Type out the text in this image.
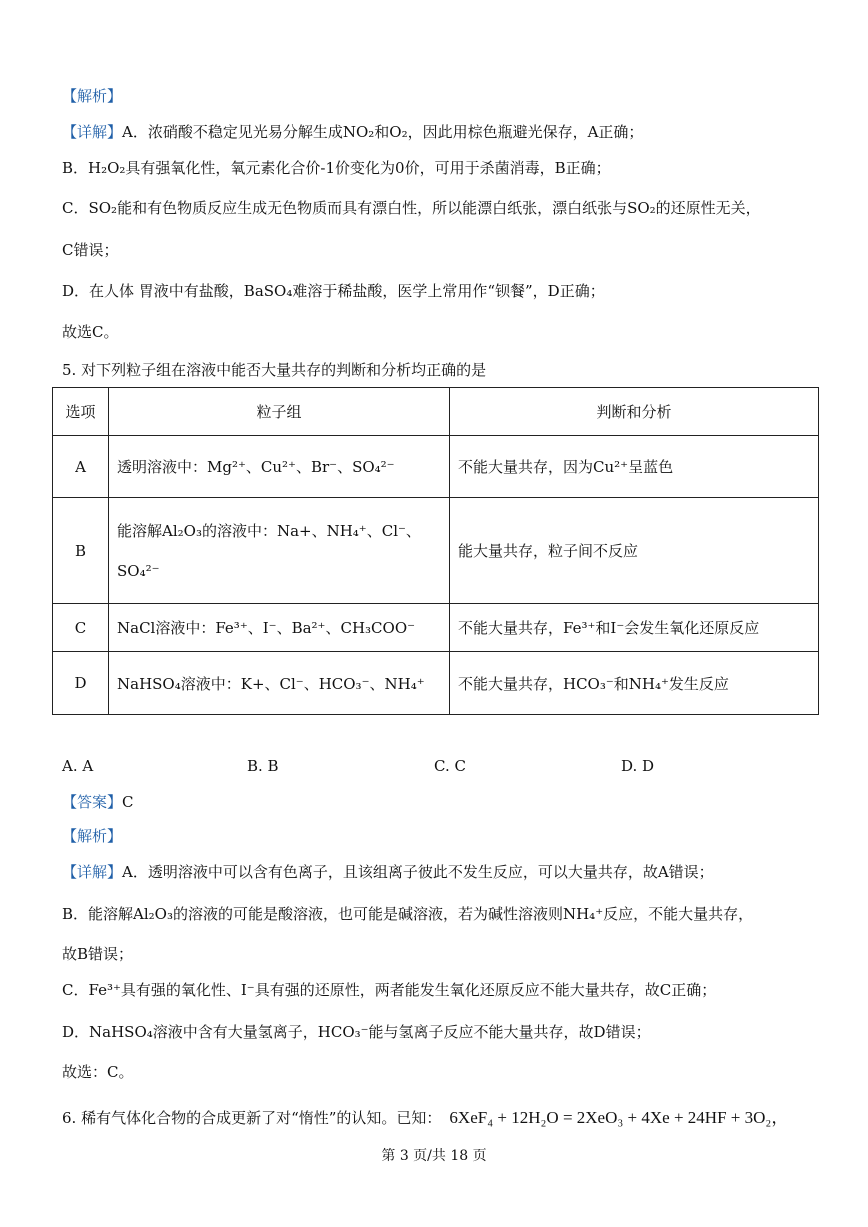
【解析】
【详解】A．浓硝酸不稳定见光易分解生成NO₂和O₂，因此用棕色瓶避光保存，A正确；
B．H₂O₂具有强氧化性，氧元素化合价-1价变化为0价，可用于杀菌消毒，B正确；
C．SO₂能和有色物质反应生成无色物质而具有漂白性，所以能漂白纸张，漂白纸张与SO₂的还原性无关，
C错误；
D．在人体 胃液中有盐酸，BaSO₄难溶于稀盐酸，医学上常用作“钡餐”，D正确；
故选C。
5. 对下列粒子组在溶液中能否大量共存的判断和分析均正确的是
选项	粒子组	判断和分析
A	透明溶液中：Mg²⁺、Cu²⁺、Br⁻、SO₄²⁻	不能大量共存，因为Cu²⁺呈蓝色
B	能溶解Al₂O₃的溶液中：Na+、NH₄⁺、Cl⁻、SO₄²⁻	能大量共存，粒子间不反应
C	NaCl溶液中：Fe³⁺、I⁻、Ba²⁺、CH₃COO⁻	不能大量共存，Fe³⁺和I⁻会发生氧化还原反应
D	NaHSO₄溶液中：K+、Cl⁻、HCO₃⁻、NH₄⁺	不能大量共存，HCO₃⁻和NH₄⁺发生反应
A. A	B. B	C. C	D. D
【答案】C
【解析】
【详解】A．透明溶液中可以含有色离子，且该组离子彼此不发生反应，可以大量共存，故A错误；
B．能溶解Al₂O₃的溶液的可能是酸溶液，也可能是碱溶液，若为碱性溶液则NH₄⁺反应，不能大量共存，
故B错误；
C．Fe³⁺具有强的氧化性、I⁻具有强的还原性，两者能发生氧化还原反应不能大量共存，故C正确；
D．NaHSO₄溶液中含有大量氢离子，HCO₃⁻能与氢离子反应不能大量共存，故D错误；
故选：C。
6. 稀有气体化合物的合成更新了对“惰性”的认知。已知： 6XeF₄ + 12H₂O = 2XeO₃ + 4Xe + 24HF + 3O₂，
第 3 页/共 18 页
